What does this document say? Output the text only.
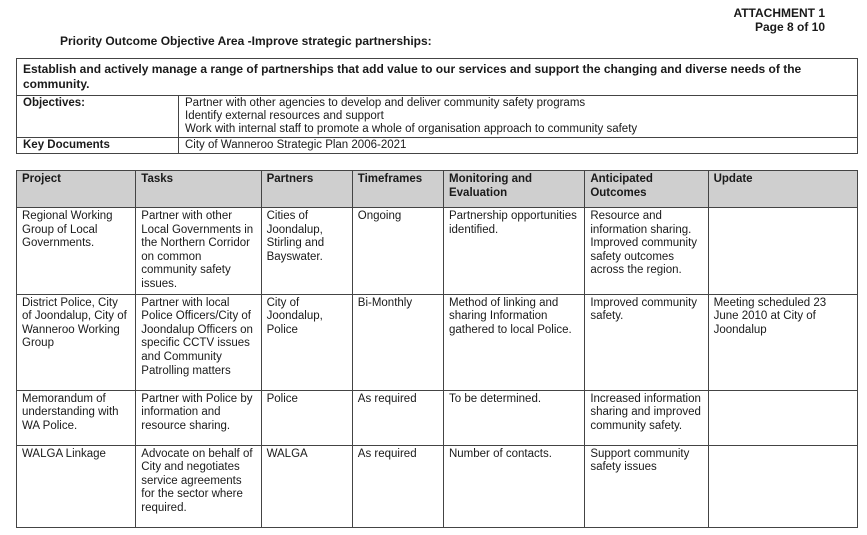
ATTACHMENT 1
Page 8 of 10
Priority Outcome Objective Area -Improve strategic partnerships:
Establish and actively manage a range of partnerships that add value to our services and support the changing and diverse needs of the community.	
Objectives:	Partner with other agencies to develop and deliver community safety programs
Identify external resources and support
Work with internal staff to promote a whole of organisation approach to community safety

Key Documents	City of Wanneroo Strategic Plan 2006-2021
Project	Tasks	Partners	Timeframes	Monitoring and Evaluation	Anticipated Outcomes	Update
Regional Working Group of Local Governments.	Partner with other Local Governments in the Northern Corridor on common community safety issues.	Cities of Joondalup, Stirling and Bayswater.	Ongoing	Partnership opportunities identified.	Resource and information sharing. Improved community safety outcomes across the region.	
District Police, City of Joondalup, City of Wanneroo Working Group	Partner with local Police Officers/City of Joondalup Officers on specific CCTV issues and Community Patrolling matters	City of Joondalup, Police	Bi-Monthly	Method of linking and sharing Information gathered to local Police.	Improved community safety.	Meeting scheduled 23 June 2010 at City of Joondalup
Memorandum of understanding with WA Police.	Partner with Police by information and resource sharing.	Police	As required	To be determined.	Increased information sharing and improved community safety.	
WALGA Linkage	Advocate on behalf of City and negotiates service agreements for the sector where required.	WALGA	As required	Number of contacts.	Support community safety issues	
